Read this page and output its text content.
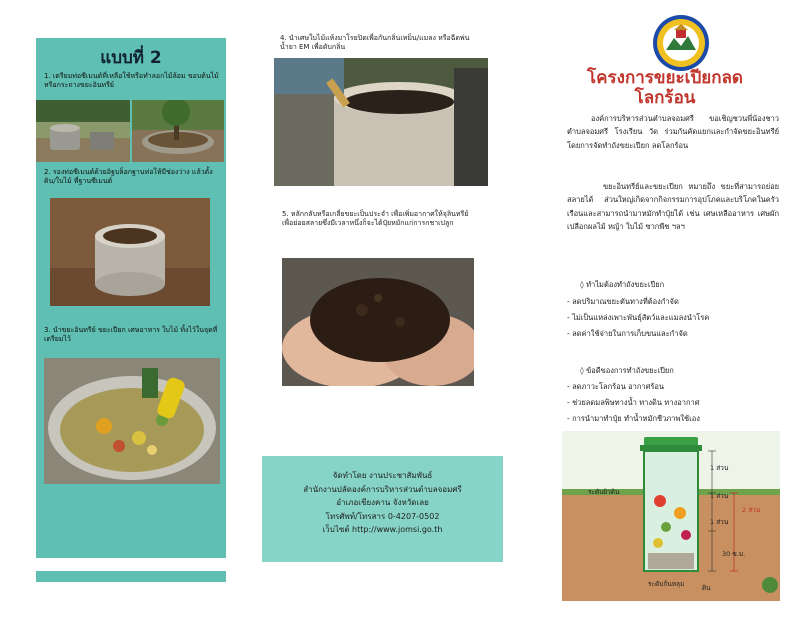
แบบที่ 2
1. เตรียมท่อซีเมนต์ที่เหลือใช้หรือทำลอกไม้ล้อม ขอบต้นไม้หรือกระถางขยะอินทรีย์
2. รองท่อซีเมนต์ด้วยอิฐบล็อกฐานท่อให้มีช่องว่าง แล้วตั้งดิน/ใบไม้ ที่ฐานซีเมนต์
3. นำขยะอินทรีย์ ขยะเปียก เศษอาหาร ใบไม้ ทิ้งไว้ในจุดที่เตรียมไว้
4. นำเศษใบไม้แห้งมาโรยปิดเพื่อกันกลิ่นเหม็น/แมลง หรือฉีดพ่นน้ำยา EM เพื่อดับกลิ่น
5. หลักกลับหรือเกลี่ยขยะเป็นประจำ เพื่อเพิ่มอากาศให้จุลินทรีย์ เพื่อย่อยสลายซึ่งมีเวลาหนึ่งก็จะได้ปุ๋ยหมักแก่การกชาเปลูก
จัดทำโดย งานประชาสัมพันธ์
สำนักงานปลัดองค์การบริหารส่วนตำบลจอมศรี
อำเภอเชียงคาน จังหวัดเลย
โทรศัพท์/โทรสาร 0-4207-0502
เว็บไซต์ http://www.jomsi.go.th
โครงการขยะเปียกลด
โลกร้อน
องค์การบริหารส่วนตำบลจอมศรี ขอเชิญชวนพี่น้องชาวตำบลจอมศรี โรงเรียน วัด ร่วมกันคัดแยกและกำจัดขยะอินทรีย์ โดยการจัดทำถังขยะเปียก ลดโลกร้อน
ขยะอินทรีย์และขยะเปียก หมายถึง ขยะที่สามารถย่อยสลายได้ ส่วนใหญ่เกิดจากกิจกรรมการอุปโภคและบริโภคในครัวเรือนและสามารถนำมาหมักทำปุ๋ยได้ เช่น เศษเหลืออาหาร เศษผัก เปลือกผลไม้ หญ้า ใบไม้ ซากพืช ฯลฯ
◊ ทำไมต้องทำถังขยะเปียก
- ลดปริมาณขยะตันทางที่ต้องกำจัด
- ไม่เป็นแหล่งเพาะพันธุ์สัตว์และแมลงนำโรค
- ลดค่าใช้จ่ายในการเก็บขนและกำจัด
◊ ข้อดีของการทำถังขยะเปียก
- ลดภาวะโลกร้อน อากาศร้อน
- ช่วยลดมลพิษทางน้ำ ทางดิน ทางอากาศ
- การนำมาทำปุ๋ย ทำน้ำหมักชีวภาพใช้เอง
ระดับผิวดิน
1 ส่วน
1 ส่วน
1 ส่วน
2 ส่วน
30 ซ.ม.
ระดับก้นหลุม	ดิน
